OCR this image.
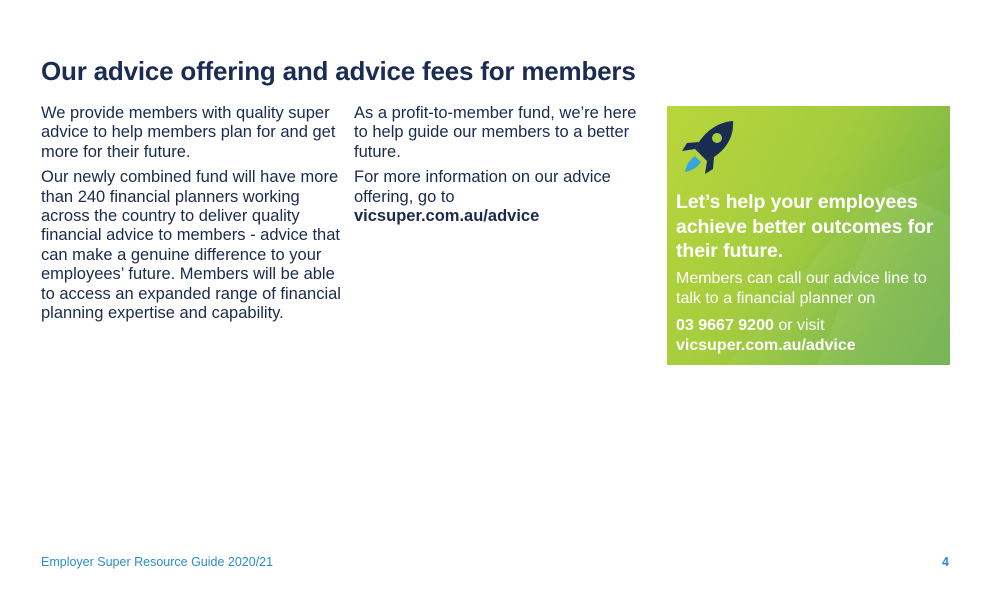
Our advice offering and advice fees for members

We provide members with quality super advice to help members plan for and get more for their future.

Our newly combined fund will have more than 240 financial planners working across the country to deliver quality financial advice to members - advice that can make a genuine difference to your employees’ future. Members will be able to access an expanded range of financial planning expertise and capability.

As a profit-to-member fund, we’re here to help guide our members to a better future.

For more information on our advice offering, go to
vicsuper.com.au/advice

Let’s help your employees achieve better outcomes for their future.

Members can call our advice line to talk to a financial planner on

03 9667 9200 or visit
vicsuper.com.au/advice

Employer Super Resource Guide 2020/21	4
